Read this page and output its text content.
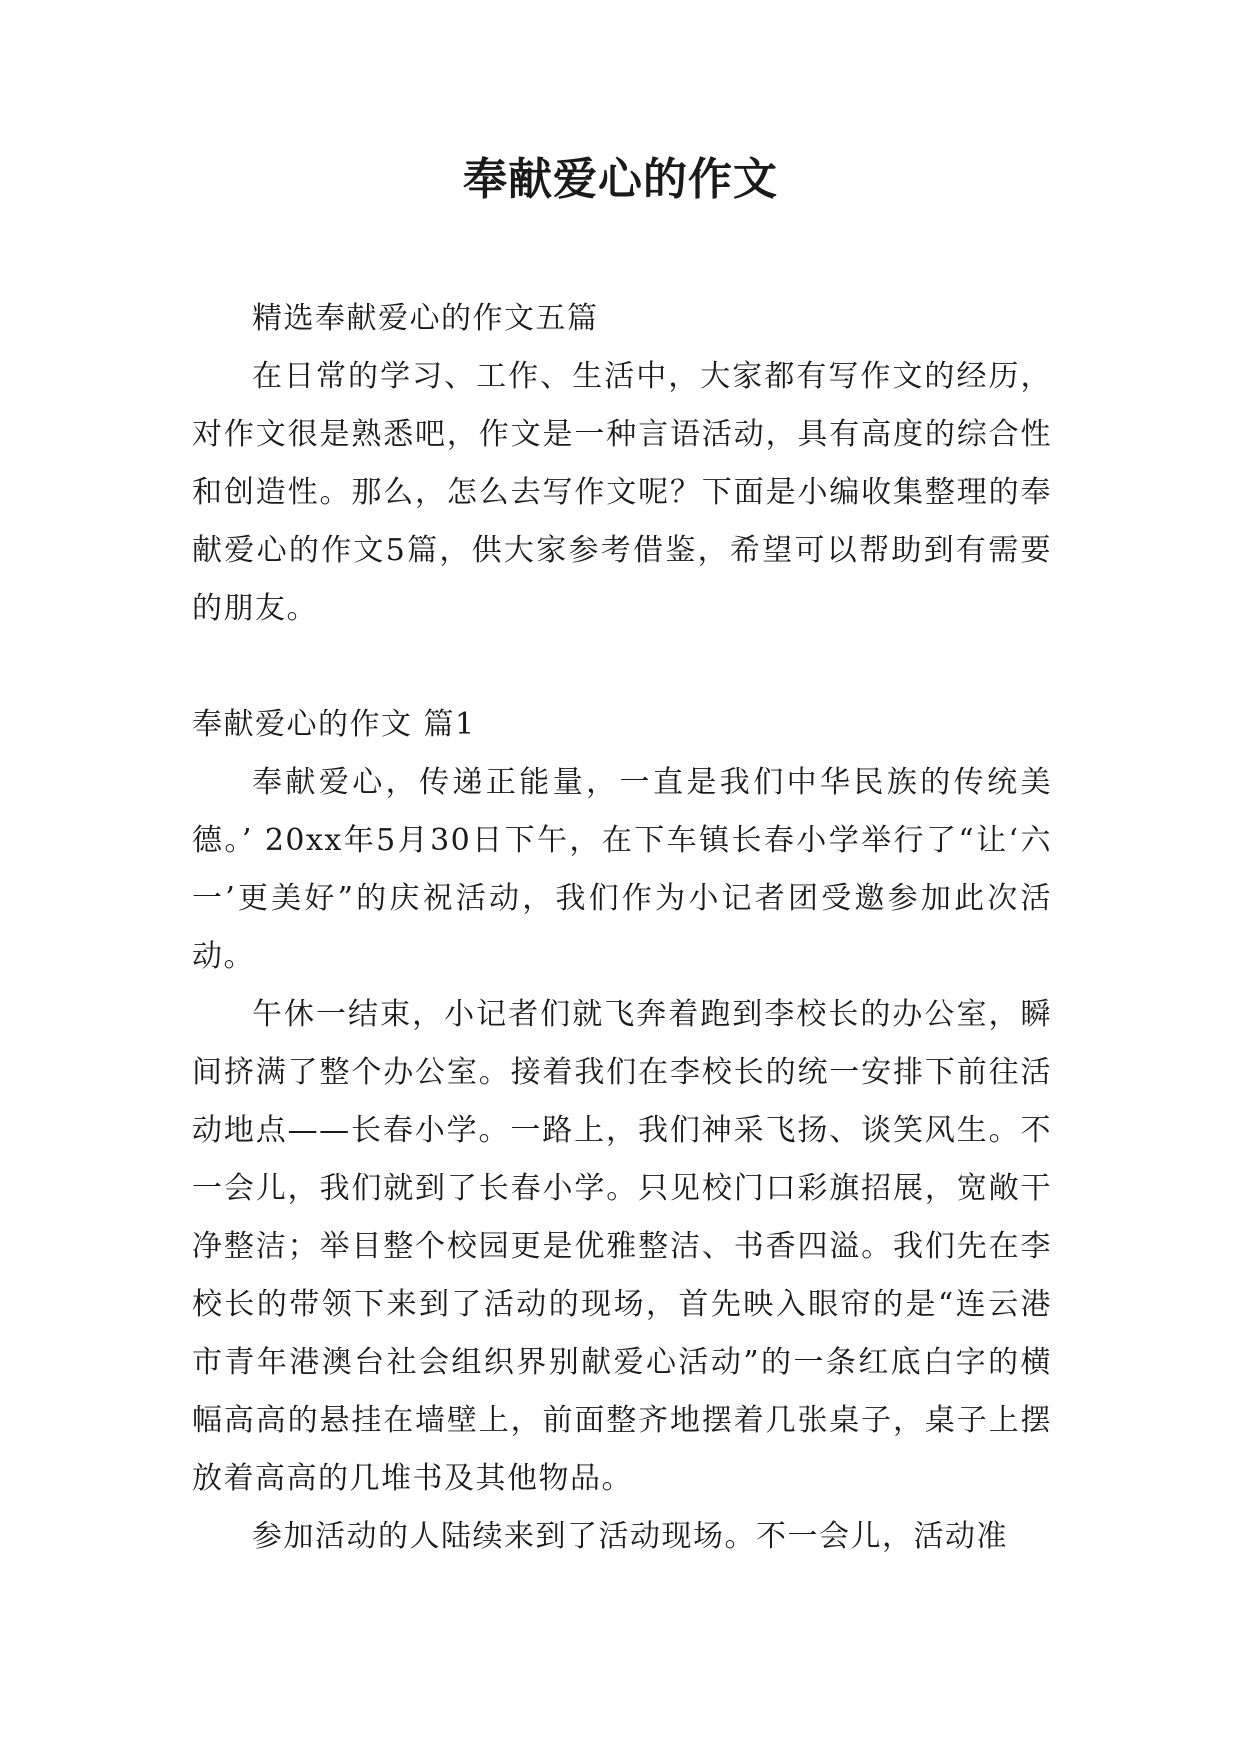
奉献爱心的作文

精选奉献爱心的作文五篇

在日常的学习、工作、生活中，大家都有写作文的经历，对作文很是熟悉吧，作文是一种言语活动，具有高度的综合性和创造性。那么，怎么去写作文呢？下面是小编收集整理的奉献爱心的作文5篇，供大家参考借鉴，希望可以帮助到有需要的朋友。

奉献爱心的作文 篇1

奉献爱心，传递正能量，一直是我们中华民族的传统美德。’ 20xx年5月30日下午，在下车镇长春小学举行了“让‘六一’更美好”的庆祝活动，我们作为小记者团受邀参加此次活动。

午休一结束，小记者们就飞奔着跑到李校长的办公室，瞬间挤满了整个办公室。接着我们在李校长的统一安排下前往活动地点——长春小学。一路上，我们神采飞扬、谈笑风生。不一会儿，我们就到了长春小学。只见校门口彩旗招展，宽敞干净整洁；举目整个校园更是优雅整洁、书香四溢。我们先在李校长的带领下来到了活动的现场，首先映入眼帘的是“连云港市青年港澳台社会组织界别献爱心活动”的一条红底白字的横幅高高的悬挂在墙壁上，前面整齐地摆着几张桌子，桌子上摆放着高高的几堆书及其他物品。

参加活动的人陆续来到了活动现场。不一会儿，活动准
